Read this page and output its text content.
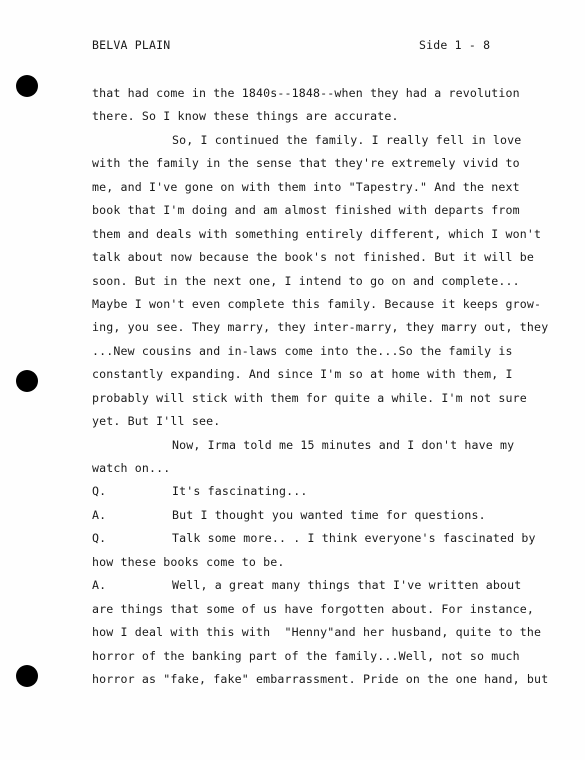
BELVA PLAIN	Side 1 - 8
that had come in the 1840s--1848--when they had a revolution
there. So I know these things are accurate.
So, I continued the family. I really fell in love
with the family in the sense that they're extremely vivid to
me, and I've gone on with them into "Tapestry." And the next
book that I'm doing and am almost finished with departs from
them and deals with something entirely different, which I won't
talk about now because the book's not finished. But it will be
soon. But in the next one, I intend to go on and complete...
Maybe I won't even complete this family. Because it keeps grow-
ing, you see. They marry, they inter-marry, they marry out, they
...New cousins and in-laws come into the...So the family is
constantly expanding. And since I'm so at home with them, I
probably will stick with them for quite a while. I'm not sure
yet. But I'll see.
Now, Irma told me 15 minutes and I don't have my
watch on...
Q.	It's fascinating...
A.	But I thought you wanted time for questions.
Q.	Talk some more.. . I think everyone's fascinated by
how these books come to be.
A.	Well, a great many things that I've written about
are things that some of us have forgotten about. For instance,
how I deal with this with  "Henny"and her husband, quite to the
horror of the banking part of the family...Well, not so much
horror as "fake, fake" embarrassment. Pride on the one hand, but
